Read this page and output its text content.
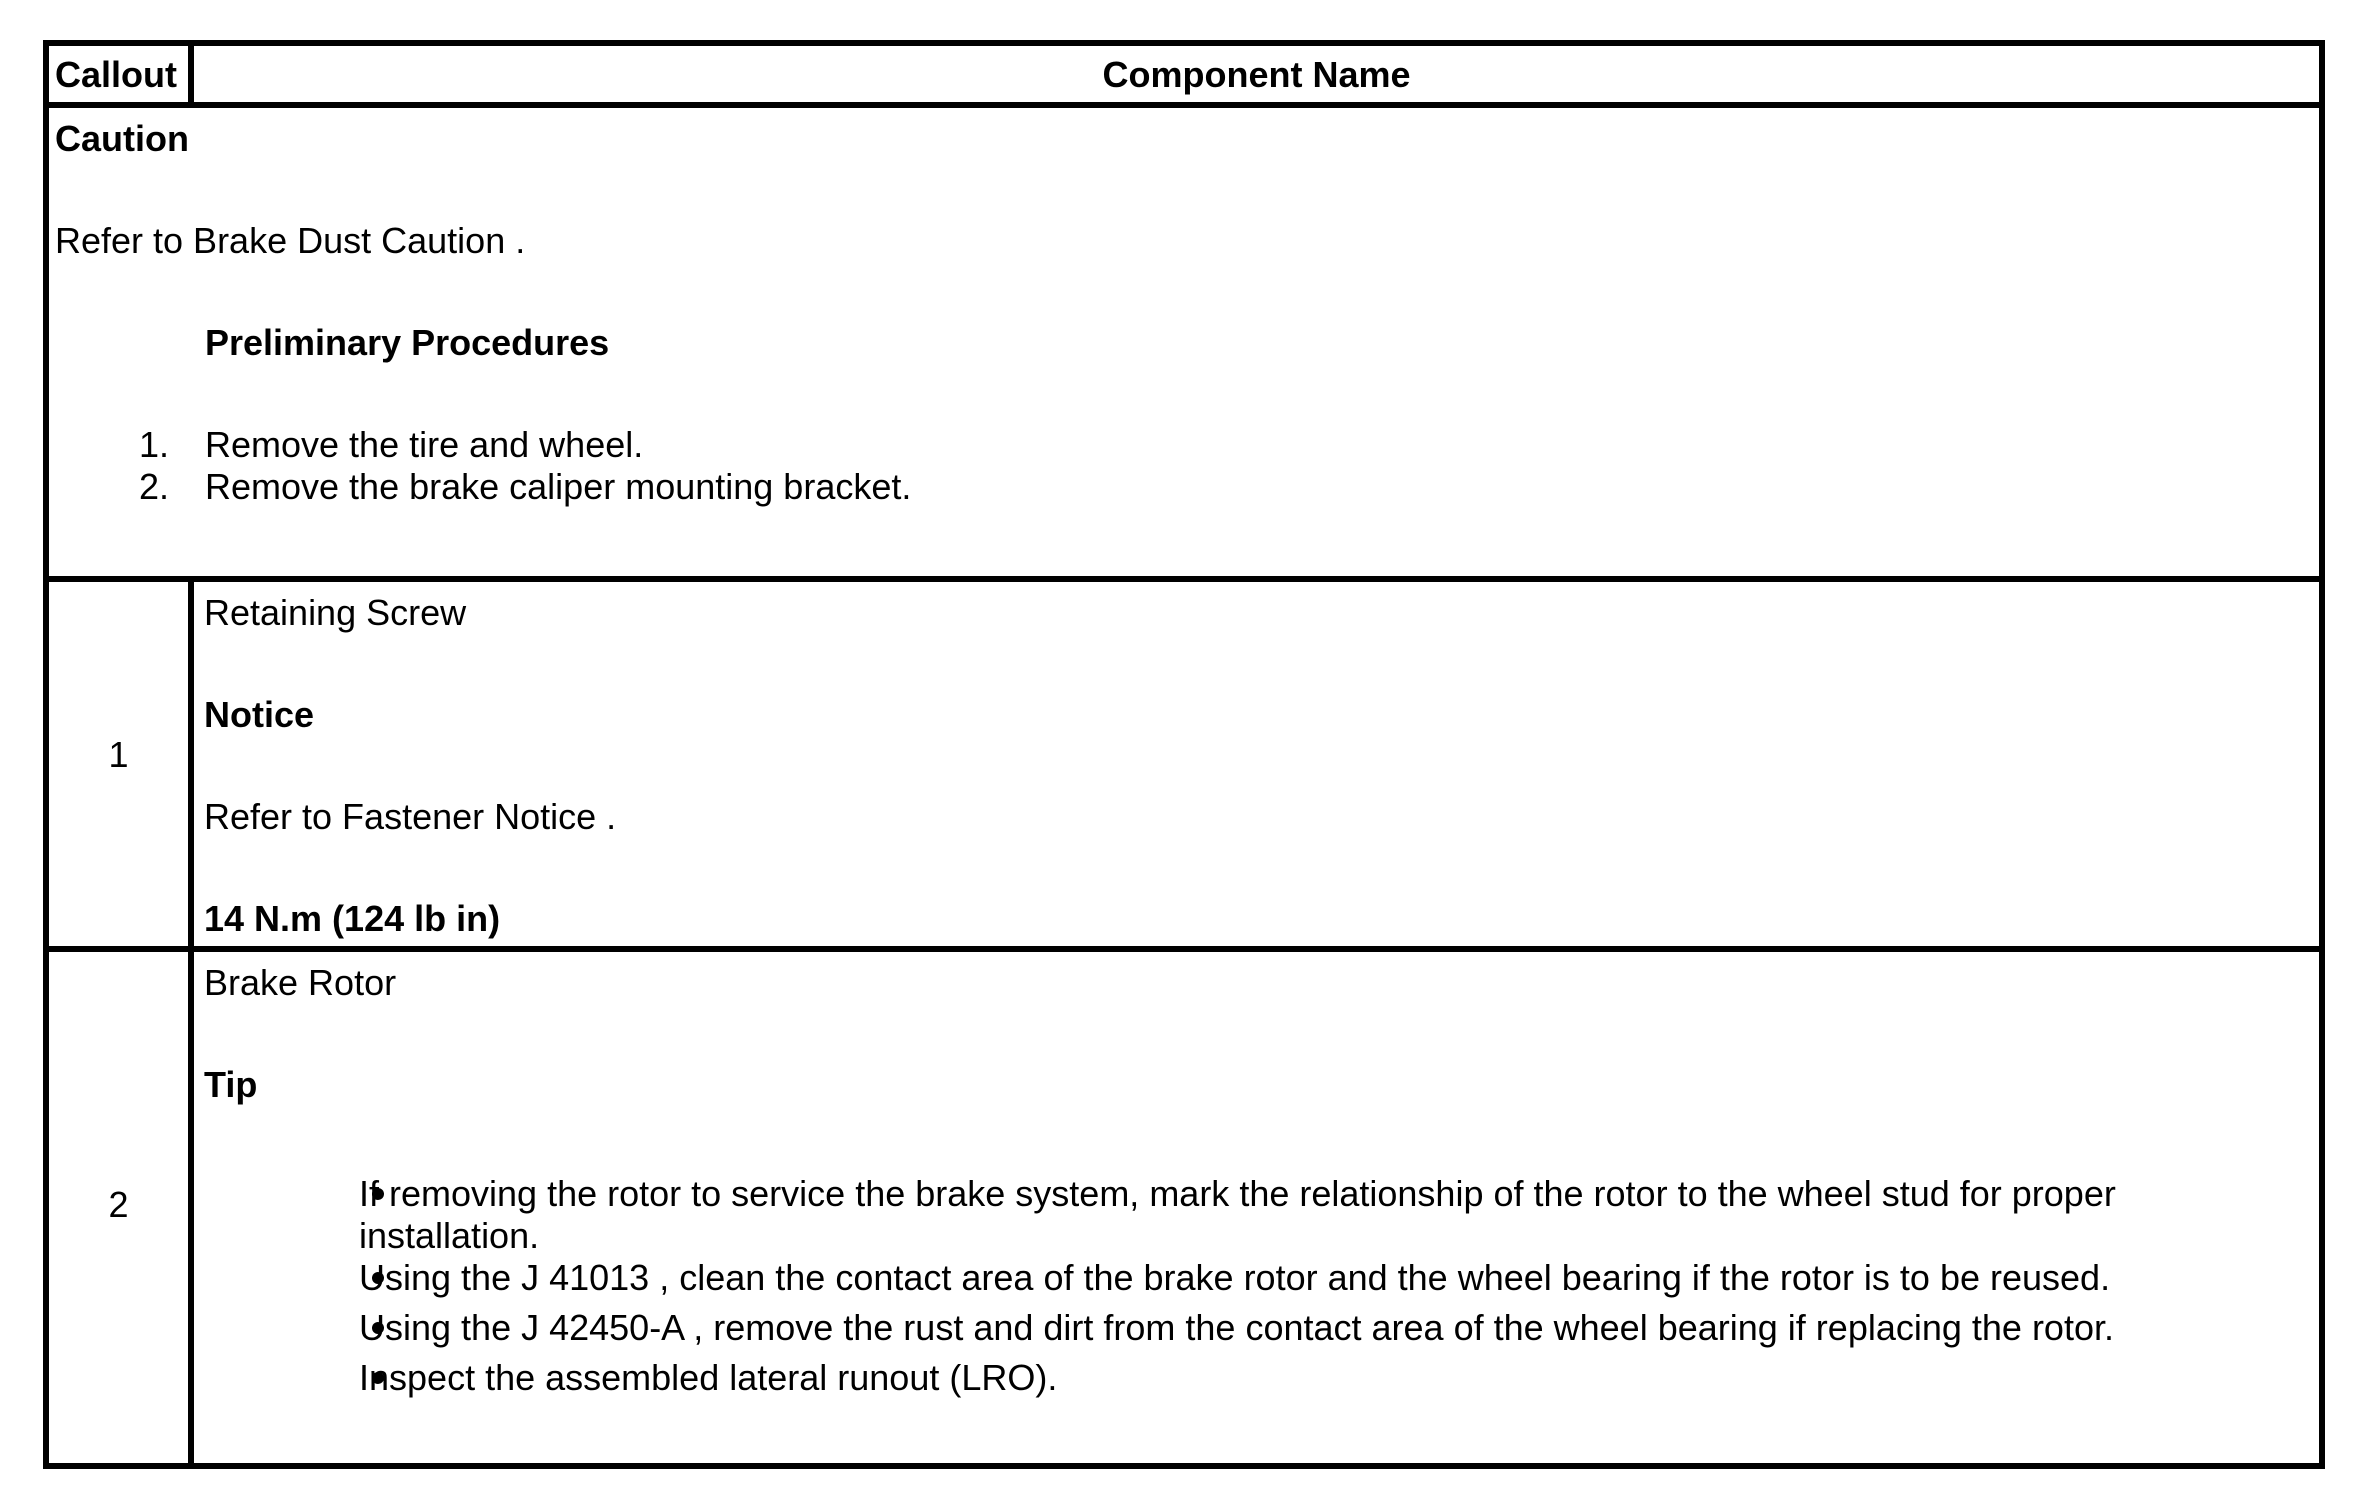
Callout	Component Name
Caution
Refer to Brake Dust Caution .
Preliminary Procedures
1. Remove the tire and wheel.
2. Remove the brake caliper mounting bracket.
1
Retaining Screw
Notice
Refer to Fastener Notice .
14 N.m (124 lb in)
2
Brake Rotor
Tip
If removing the rotor to service the brake system, mark the relationship of the rotor to the wheel stud for proper installation.
Using the J 41013 , clean the contact area of the brake rotor and the wheel bearing if the rotor is to be reused.
Using the J 42450-A , remove the rust and dirt from the contact area of the wheel bearing if replacing the rotor.
Inspect the assembled lateral runout (LRO).
